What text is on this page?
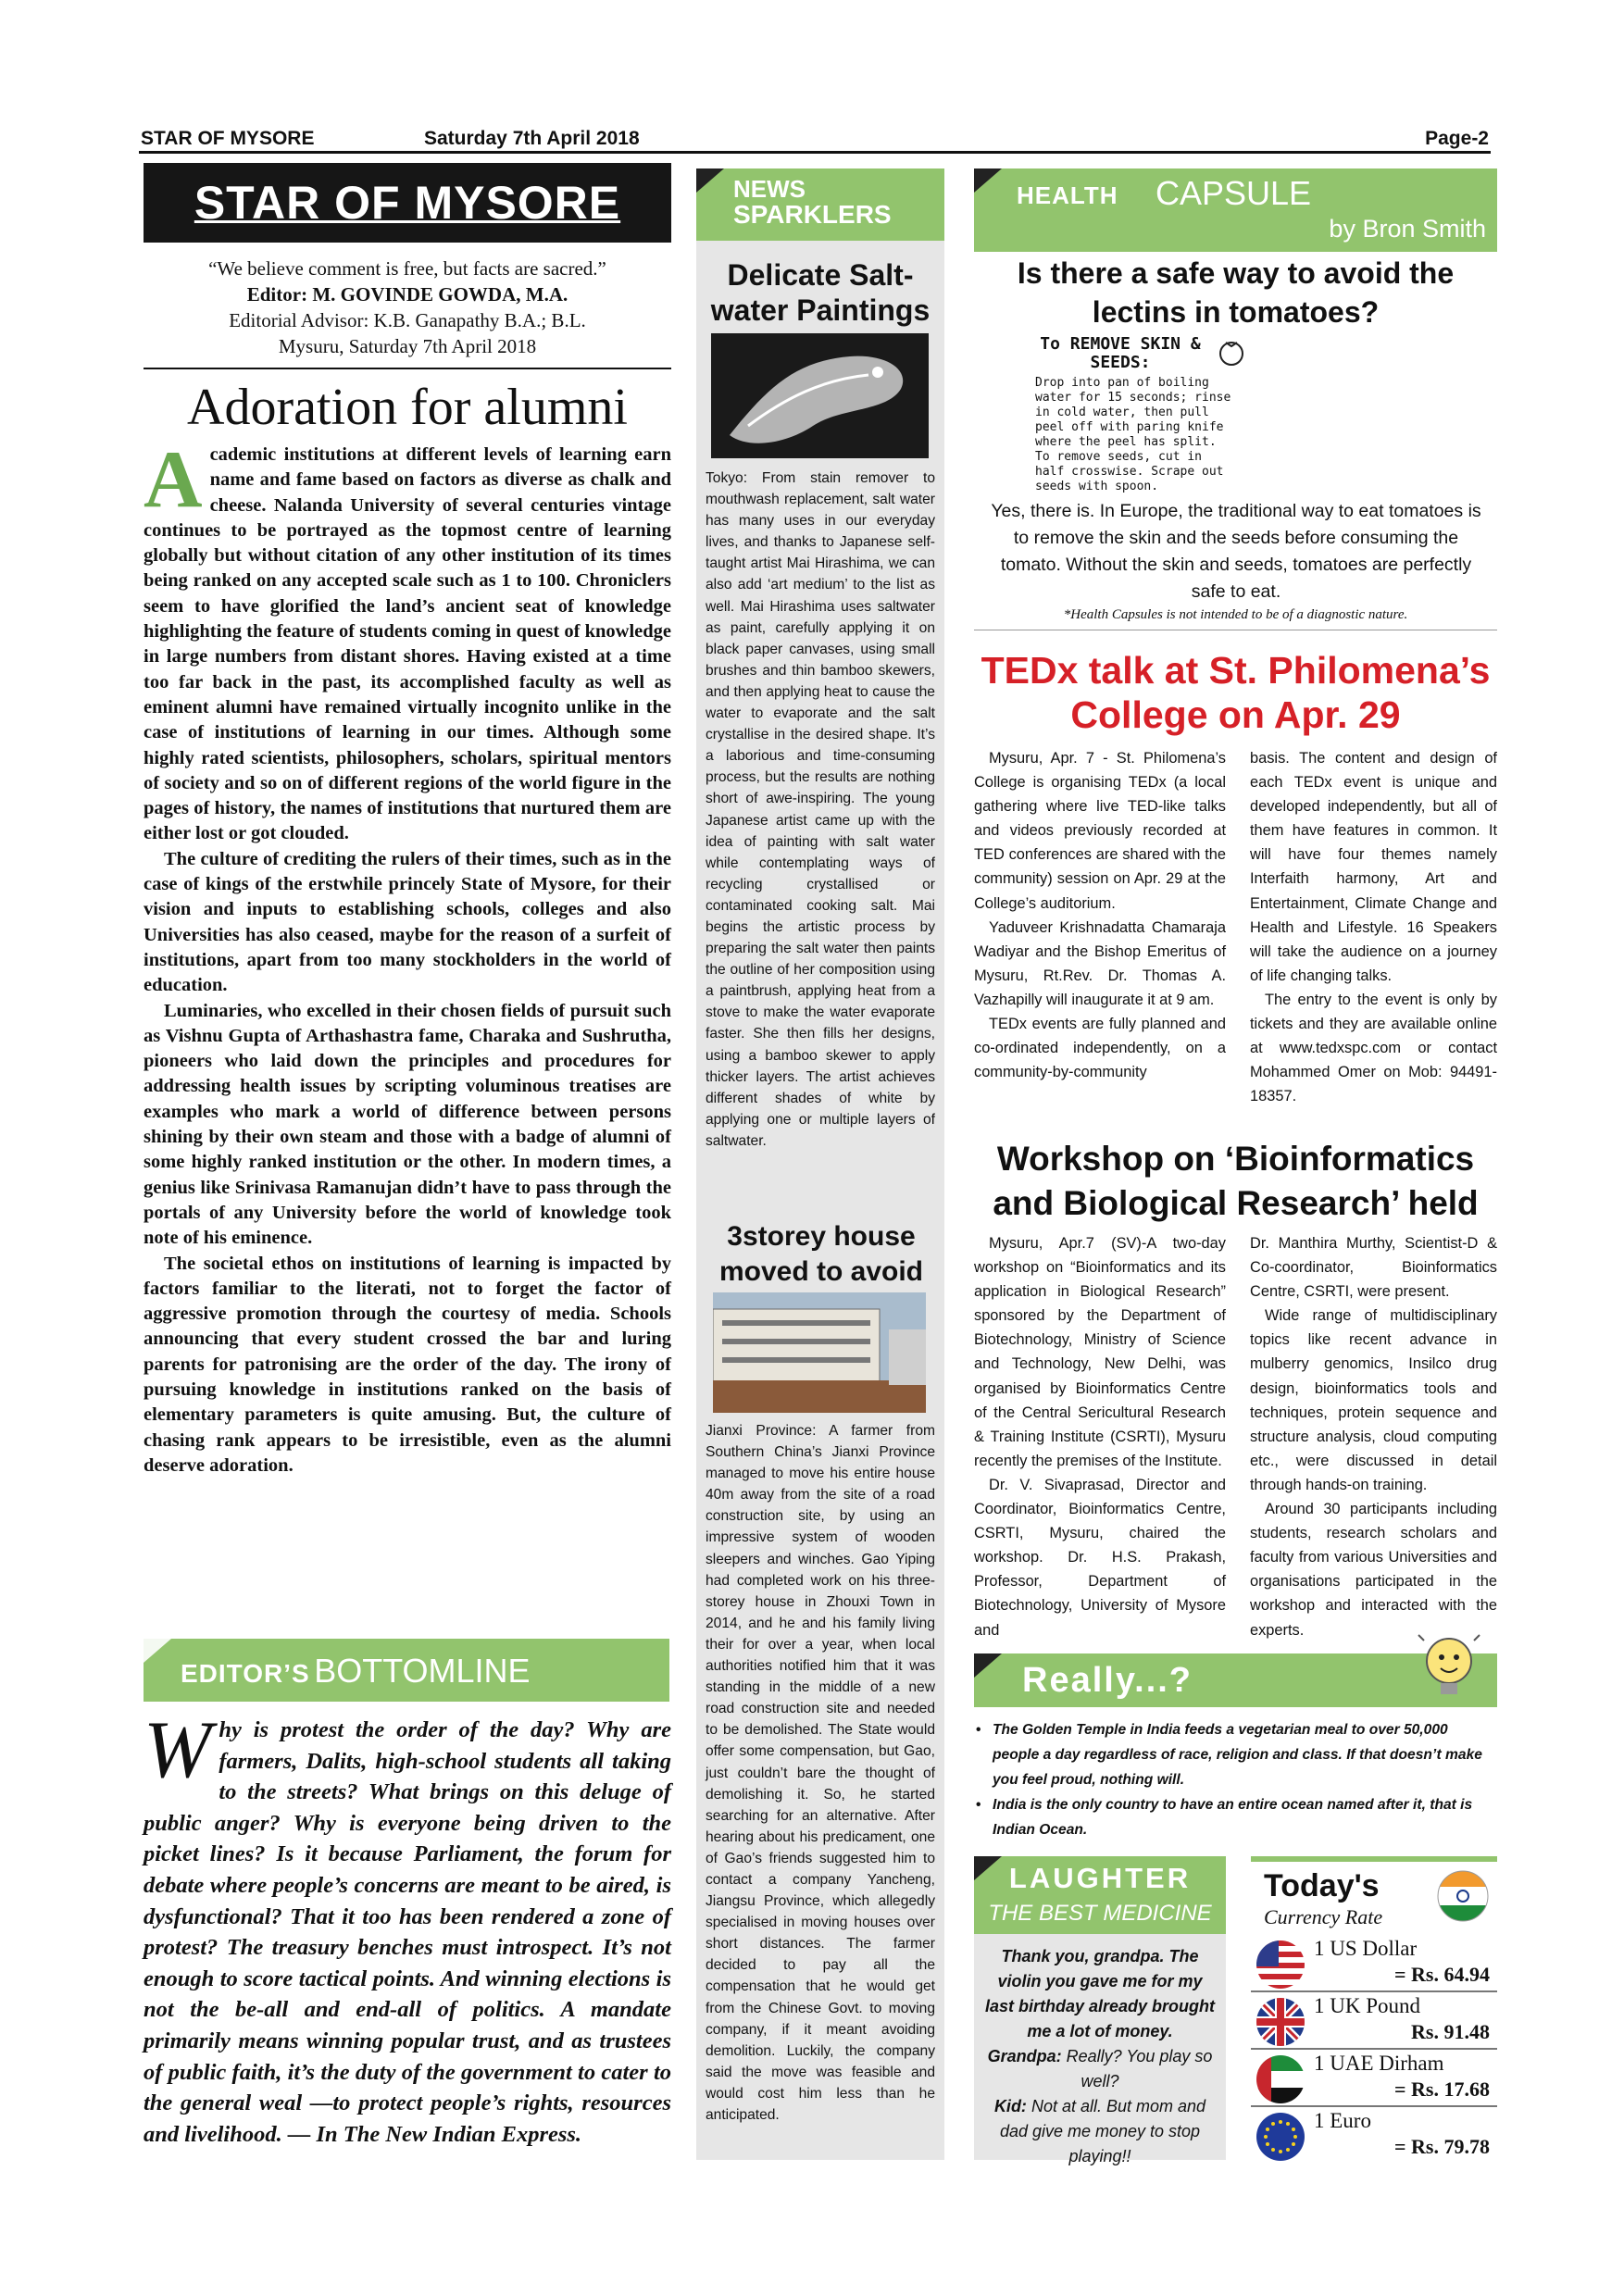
STAR OF MYSORE	Saturday 7th April 2018	Page-2
STAR OF MYSORE
“We believe comment is free, but facts are sacred.”
Editor: M. GOVINDE GOWDA, M.A.
Editorial Advisor: K.B. Ganapathy B.A.; B.L.
Mysuru, Saturday 7th April 2018
Adoration for alumni

Academic institutions at different levels of learning earn name and fame based on factors as diverse as chalk and cheese. Nalanda University of several centuries vintage continues to be portrayed as the topmost centre of learning globally but without citation of any other institution of its times being ranked on any accepted scale such as 1 to 100. Chroniclers seem to have glorified the land’s ancient seat of knowledge highlighting the feature of students coming in quest of knowledge in large numbers from distant shores. Having existed at a time too far back in the past, its accomplished faculty as well as eminent alumni have remained virtually incognito unlike in the case of institutions of learning in our times. Although some highly rated scientists, philosophers, scholars, spiritual mentors of society and so on of different regions of the world figure in the pages of history, the names of institutions that nurtured them are either lost or got clouded.

The culture of crediting the rulers of their times, such as in the case of kings of the erstwhile princely State of Mysore, for their vision and inputs to establishing schools, colleges and also Universities has also ceased, maybe for the reason of a surfeit of institutions, apart from too many stockholders in the world of education.

Luminaries, who excelled in their chosen fields of pursuit such as Vishnu Gupta of Arthashastra fame, Charaka and Sushrutha, pioneers who laid down the principles and procedures for addressing health issues by scripting voluminous treatises are examples who mark a world of difference between persons shining by their own steam and those with a badge of alumni of some highly ranked institution or the other. In modern times, a genius like Srinivasa Ramanujan didn’t have to pass through the portals of any University before the world of knowledge took note of his eminence.

The societal ethos on institutions of learning is impacted by factors familiar to the literati, not to forget the factor of aggressive promotion through the courtesy of media. Schools announcing that every student crossed the bar and luring parents for patronising are the order of the day. The irony of pursuing knowledge in institutions ranked on the basis of elementary parameters is quite amusing. But, the culture of chasing rank appears to be irresistible, even as the alumni deserve adoration.

EDITOR’S BOTTOMLINE
Why is protest the order of the day? Why are farmers, Dalits, high-school students all taking to the streets? What brings on this deluge of public anger? Why is everyone being driven to the picket lines? Is it because Parliament, the forum for debate where people’s concerns are meant to be aired, is dysfunctional? That it too has been rendered a zone of protest? The treasury benches must introspect. It’s not enough to score tactical points. And winning elections is not the be-all and end-all of politics. A mandate primarily means winning popular trust, and as trustees of public faith, it’s the duty of the government to cater to the general weal —to protect people’s rights, resources and livelihood. — In The New Indian Express.
NEWS
SPARKLERS
Delicate Salt-water Paintings
Tokyo: From stain remover to mouthwash replacement, salt water has many uses in our everyday lives, and thanks to Japanese self-taught artist Mai Hirashima, we can also add ‘art medium’ to the list as well. Mai Hirashima uses saltwater as paint, carefully applying it on black paper canvases, using small brushes and thin bamboo skewers, and then applying heat to cause the water to evaporate and the salt crystallise in the desired shape. It’s a laborious and time-consuming process, but the results are nothing short of awe-inspiring. The young Japanese artist came up with the idea of painting with salt water while contemplating ways of recycling crystallised or contaminated cooking salt. Mai begins the artistic process by preparing the salt water then paints the outline of her composition using a paintbrush, applying heat from a stove to make the water evaporate faster. She then fills her designs, using a bamboo skewer to apply thicker layers. The artist achieves different shades of white by applying one or multiple layers of saltwater.
3storey house moved to avoid
Jianxi Province: A farmer from Southern China’s Jianxi Province managed to move his entire house 40m away from the site of a road construction site, by using an impressive system of wooden sleepers and winches. Gao Yiping had completed work on his three-storey house in Zhouxi Town in 2014, and he and his family living their for over a year, when local authorities notified him that it was standing in the middle of a new road construction site and needed to be demolished. The State would offer some compensation, but Gao, just couldn’t bare the thought of demolishing it. So, he started searching for an alternative. After hearing about his predicament, one of Gao’s friends suggested him to contact a company Yancheng, Jiangsu Province, which allegedly specialised in moving houses over short distances. The farmer decided to pay all the compensation that he would get from the Chinese Govt. to moving company, if it meant avoiding demolition. Luckily, the company said the move was feasible and would cost him less than he anticipated.
HEALTH CAPSULE
by Bron Smith
Is there a safe way to avoid the lectins in tomatoes?
To REMOVE SKIN & SEEDS:
Drop into pan of boiling
water for 15 seconds; rinse
in cold water, then pull
peel off with paring knife
where the peel has split.
To remove seeds, cut in
half crosswise. Scrape out
seeds with spoon.
Yes, there is. In Europe, the traditional way to eat tomatoes is to remove the skin and the seeds before consuming the tomato. Without the skin and seeds, tomatoes are perfectly safe to eat.
*Health Capsules is not intended to be of a diagnostic nature.
TEDx talk at St. Philomena’s College on Apr. 29

Mysuru, Apr. 7 - St. Philomena’s College is organising TEDx (a local gathering where live TED-like talks and videos previously recorded at TED conferences are shared with the community) session on Apr. 29 at the College’s auditorium.

Yaduveer Krishnadatta Chamaraja Wadiyar and the Bishop Emeritus of Mysuru, Rt.Rev. Dr. Thomas A. Vazhapilly will inaugurate it at 9 am.

TEDx events are fully planned and co-ordinated independently, on a community-by-community

basis. The content and design of each TEDx event is unique and developed independently, but all of them have features in common. It will have four themes namely Interfaith harmony, Art and Entertainment, Climate Change and Health and Lifestyle. 16 Speakers will take the audience on a journey of life changing talks.

The entry to the event is only by tickets and they are available online at www.tedxspc.com or contact Mohammed Omer on Mob: 94491-18357.

Workshop on ‘Bioinformatics and Biological Research’ held

Mysuru, Apr.7 (SV)-A two-day workshop on “Bioinformatics and its application in Biological Research” sponsored by the Department of Biotechnology, Ministry of Science and Technology, New Delhi, was organised by Bioinformatics Centre of the Central Sericultural Research & Training Institute (CSRTI), Mysuru recently the premises of the Institute.

Dr. V. Sivaprasad, Director and Coordinator, Bioinformatics Centre, CSRTI, Mysuru, chaired the workshop. Dr. H.S. Prakash, Professor, Department of Biotechnology, University of Mysore and

Dr. Manthira Murthy, Scientist-D & Co-coordinator, Bioinformatics Centre, CSRTI, were present.

Wide range of multidisciplinary topics like recent advance in mulberry genomics, Insilco drug design, bioinformatics tools and techniques, protein sequence and structure analysis, cloud computing etc., were discussed in detail through hands-on training.

Around 30 participants including students, research scholars and faculty from various Universities and organisations participated in the workshop and interacted with the experts.

Really...?
• The Golden Temple in India feeds a vegetarian meal to over 50,000 people a day regardless of race, religion and class. If that doesn’t make you feel proud, nothing will.
• India is the only country to have an entire ocean named after it, that is Indian Ocean.
LAUGHTER
THE BEST MEDICINE
Thank you, grandpa. The violin you gave me for my last birthday already brought me a lot of money.
Grandpa: Really? You play so well?
Kid: Not at all. But mom and dad give me money to stop playing!!
Today's
Currency Rate
1 US Dollar
= Rs. 64.94
1 UK Pound
Rs. 91.48
1 UAE Dirham
= Rs. 17.68
1 Euro
= Rs. 79.78
